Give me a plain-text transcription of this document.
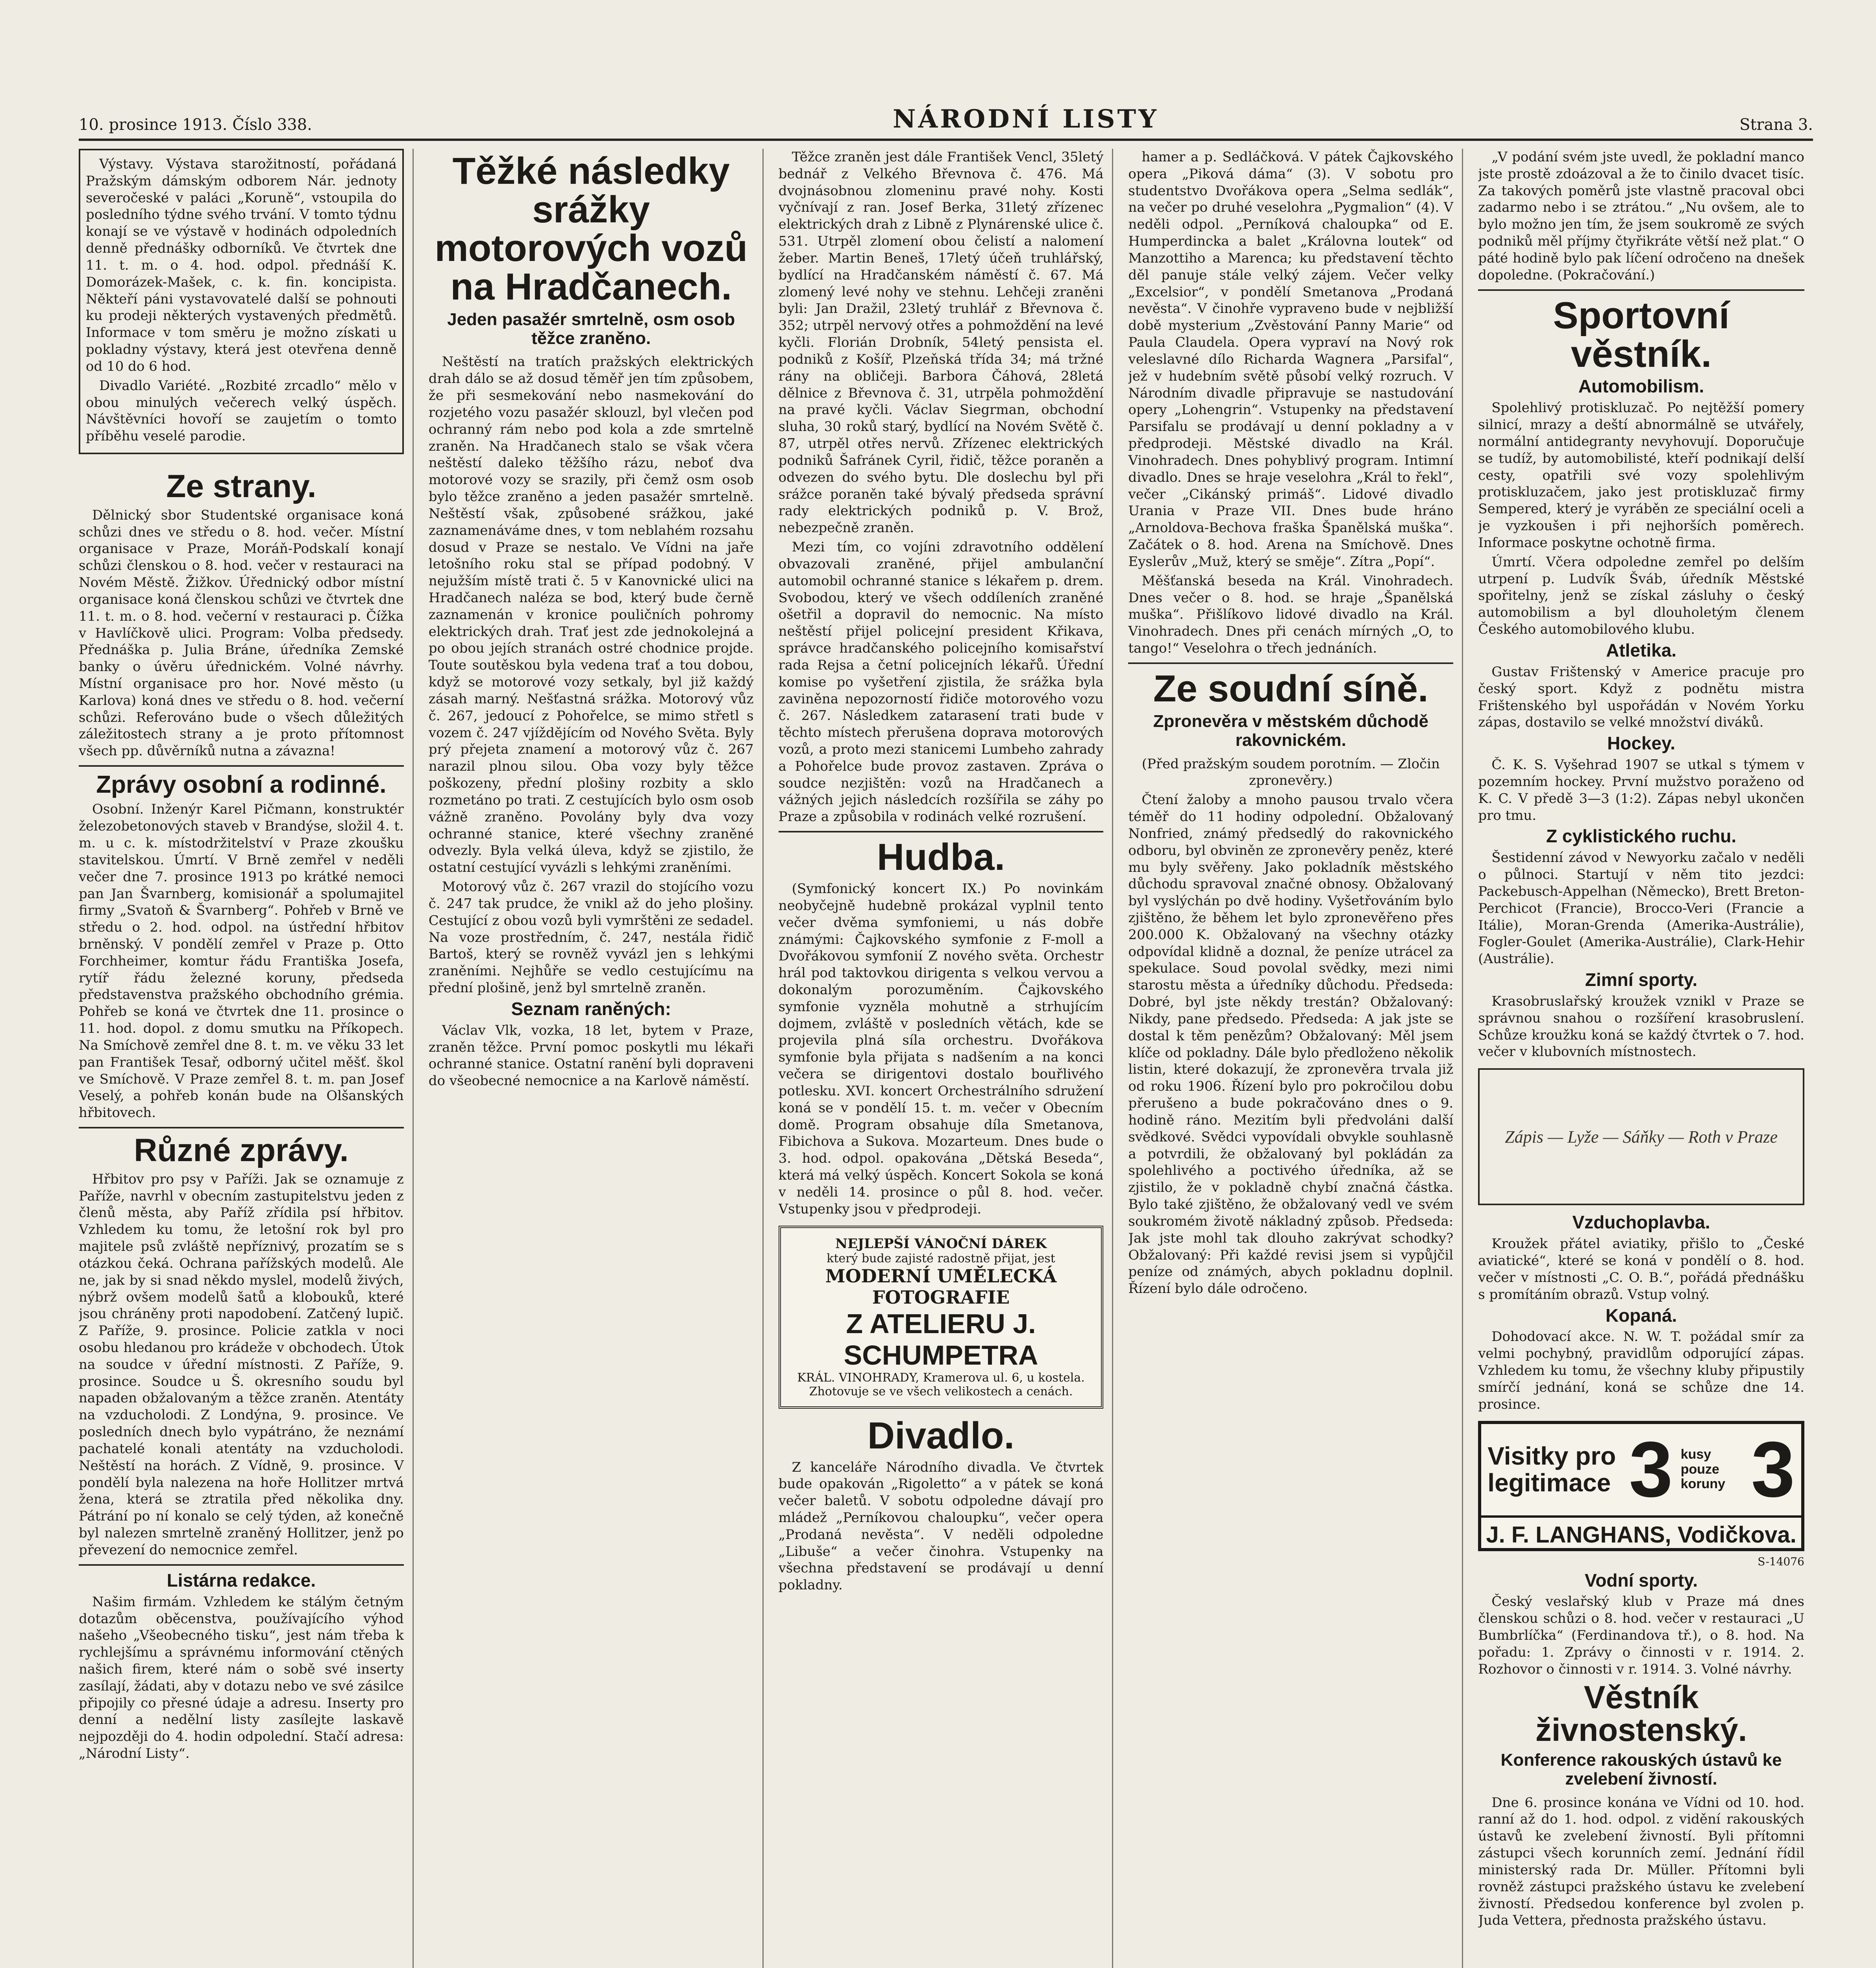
10. prosince 1913. Číslo 338.	NÁRODNÍ LISTY	Strana 3.

Výstavy. Výstava starožitností, pořádaná Pražským dámským odborem Nár. jednoty severočeské v paláci „Koruně“, vstoupila do posledního týdne svého trvání. V tomto týdnu konají se ve výstavě v hodinách odpoledních denně přednášky odborníků. Ve čtvrtek dne 11. t. m. o 4. hod. odpol. přednáší K. Domorázek-Mašek, c. k. fin. koncipista. Někteří páni vystavovatelé další se pohnouti ku prodeji některých vystavených předmětů. Informace v tom směru je možno získati u pokladny výstavy, která jest otevřena denně od 10 do 6 hod.

Divadlo Variété. „Rozbité zrcadlo“ mělo v obou minulých večerech velký úspěch. Návštěvníci hovoří se zaujetím o tomto příběhu veselé parodie.

Ze strany.

Dělnický sbor Studentské organisace koná schůzi dnes ve středu o 8. hod. večer. Místní organisace v Praze, Moráň-Podskalí konají schůzi členskou o 8. hod. večer v restauraci na Novém Městě. Žižkov. Úřednický odbor místní organisace koná členskou schůzi ve čtvrtek dne 11. t. m. o 8. hod. večerní v restauraci p. Čížka v Havlíčkově ulici. Program: Volba předsedy. Přednáška p. Julia Bráne, úředníka Zemské banky o úvěru úřednickém. Volné návrhy. Místní organisace pro hor. Nové město (u Karlova) koná dnes ve středu o 8. hod. večerní schůzi. Referováno bude o všech důležitých záležitostech strany a je proto přítomnost všech pp. důvěrníků nutna a závazna!

Zprávy osobní a rodinné.

Osobní. Inženýr Karel Pičmann, konstruktér železobetonových staveb v Brandýse, složil 4. t. m. u c. k. místodržitelství v Praze zkoušku stavitelskou. Úmrtí. V Brně zemřel v neděli večer dne 7. prosince 1913 po krátké nemoci pan Jan Švarnberg, komisionář a spolumajitel firmy „Svatoň & Švarnberg“. Pohřeb v Brně ve středu o 2. hod. odpol. na ústřední hřbitov brněnský. V pondělí zemřel v Praze p. Otto Forchheimer, komtur řádu Františka Josefa, rytíř řádu železné koruny, předseda představenstva pražského obchodního grémia. Pohřeb se koná ve čtvrtek dne 11. prosince o 11. hod. dopol. z domu smutku na Příkopech. Na Smíchově zemřel dne 8. t. m. ve věku 33 let pan František Tesař, odborný učitel měšť. škol ve Smíchově. V Praze zemřel 8. t. m. pan Josef Veselý, a pohřeb konán bude na Olšanských hřbitovech.

Různé zprávy.

Hřbitov pro psy v Paříži. Jak se oznamuje z Paříže, navrhl v obecním zastupitelstvu jeden z členů města, aby Paříž zřídila psí hřbitov. Vzhledem ku tomu, že letošní rok byl pro majitele psů zvláště nepříznivý, prozatím se s otázkou čeká. Ochrana pařížských modelů. Ale ne, jak by si snad někdo myslel, modelů živých, nýbrž ovšem modelů šatů a klobouků, které jsou chráněny proti napodobení. Zatčený lupič. Z Paříže, 9. prosince. Policie zatkla v noci osobu hledanou pro krádeže v obchodech. Útok na soudce v úřední místnosti. Z Paříže, 9. prosince. Soudce u Š. okresního soudu byl napaden obžalovaným a těžce zraněn. Atentáty na vzducholodi. Z Londýna, 9. prosince. Ve posledních dnech bylo vypátráno, že neznámí pachatelé konali atentáty na vzducholodi. Neštěstí na horách. Z Vídně, 9. prosince. V pondělí byla nalezena na hoře Hollitzer mrtvá žena, která se ztratila před několika dny. Pátrání po ní konalo se celý týden, až konečně byl nalezen smrtelně zraněný Hollitzer, jenž po převezení do nemocnice zemřel.

Listárna redakce.

Našim firmám. Vzhledem ke stálým četným dotazům oběcenstva, používajícího výhod našeho „Všeobecného tisku“, jest nám třeba k rychlejšímu a správnému informování ctěných našich firem, které nám o sobě své inserty zasílají, žádati, aby v dotazu nebo ve své zásilce připojily co přesné údaje a adresu. Inserty pro denní a nedělní listy zasílejte laskavě nejpozději do 4. hodin odpolední. Stačí adresa: „Národní Listy“.

Těžké následky srážky motorových vozů na Hradčanech.
Jeden pasažér smrtelně, osm osob těžce zraněno.

Neštěstí na tratích pražských elektrických drah dálo se až dosud těměř jen tím způsobem, že při sesmekování nebo nasmekování do rozjetého vozu pasažér sklouzl, byl vlečen pod ochranný rám nebo pod kola a zde smrtelně zraněn. Na Hradčanech stalo se však včera neštěstí daleko těžšího rázu, neboť dva motorové vozy se srazily, při čemž osm osob bylo těžce zraněno a jeden pasažér smrtelně. Neštěstí však, způsobené srážkou, jaké zaznamenáváme dnes, v tom neblahém rozsahu dosud v Praze se nestalo. Ve Vídni na jaře letošního roku stal se případ podobný. V nejužším místě trati č. 5 v Kanovnické ulici na Hradčanech naléza se bod, který bude černě zaznamenán v kronice pouličních pohromy elektrických drah. Trať jest zde jednokolejná a po obou jejích stranách ostré chodnice projde. Toute soutěskou byla vedena trať a tou dobou, když se motorové vozy setkaly, byl již každý zásah marný. Nešťastná srážka. Motorový vůz č. 267, jedoucí z Pohořelce, se mimo střetl s vozem č. 247 vjíždějícím od Nového Světa. Byly prý přejeta znamení a motorový vůz č. 267 narazil plnou silou. Oba vozy byly těžce poškozeny, přední plošiny rozbity a sklo rozmetáno po trati. Z cestujících bylo osm osob vážně zraněno. Povolány byly dva vozy ochranné stanice, které všechny zraněné odvezly. Byla velká úleva, když se zjistilo, že ostatní cestující vyvázli s lehkými zraněními.

Motorový vůz č. 267 vrazil do stojícího vozu č. 247 tak prudce, že vnikl až do jeho plošiny. Cestující z obou vozů byli vymrštěni ze sedadel. Na voze prostředním, č. 247, nestála řidič Bartoš, který se rovněž vyvázl jen s lehkými zraněními. Nejhůře se vedlo cestujícímu na přední plošině, jenž byl smrtelně zraněn.

Seznam raněných:

Václav Vlk, vozka, 18 let, bytem v Praze, zraněn těžce. První pomoc poskytli mu lékaři ochranné stanice. Ostatní ranění byli dopraveni do všeobecné nemocnice a na Karlově náměstí.

Těžce zraněn jest dále František Vencl, 35letý bednář z Velkého Břevnova č. 476. Má dvojnásobnou zlomeninu pravé nohy. Kosti vyčnívají z ran. Josef Berka, 31letý zřízenec elektrických drah z Libně z Plynárenské ulice č. 531. Utrpěl zlomení obou čelistí a nalomení žeber. Martin Beneš, 17letý účeň truhlářský, bydlící na Hradčanském náměstí č. 67. Má zlomený levé nohy ve stehnu. Lehčeji zraněni byli: Jan Dražil, 23letý truhlář z Břevnova č. 352; utrpěl nervový otřes a pohmoždění na levé kyčli. Florián Drobník, 54letý pensista el. podniků z Košíř, Plzeňská třída 34; má tržné rány na obličeji. Barbora Čáhová, 28letá dělnice z Břevnova č. 31, utrpěla pohmoždění na pravé kyčli. Václav Siegrman, obchodní sluha, 30 roků starý, bydlící na Novém Světě č. 87, utrpěl otřes nervů. Zřízenec elektrických podniků Šafránek Cyril, řidič, těžce poraněn a odvezen do svého bytu. Dle doslechu byl při srážce poraněn také bývalý předseda správní rady elektrických podniků p. V. Brož, nebezpečně zraněn.

Mezi tím, co vojíni zdravotního oddělení obvazovali zraněné, přijel ambulanční automobil ochranné stanice s lékařem p. drem. Svobodou, který ve všech oddíleních zraněné ošetřil a dopravil do nemocnic. Na místo neštěstí přijel policejní president Křikava, správce hradčanského policejního komisařství rada Rejsa a četní policejních lékařů. Úřední komise po vyšetření zjistila, že srážka byla zaviněna nepozorností řidiče motorového vozu č. 267. Následkem zatarasení trati bude v těchto místech přerušena doprava motorových vozů, a proto mezi stanicemi Lumbeho zahrady a Pohořelce bude provoz zastaven. Zpráva o soudce nezjištěn: vozů na Hradčanech a vážných jejich následcích rozšířila se záhy po Praze a způsobila v rodinách velké rozrušení.

Hudba.

(Symfonický koncert IX.) Po novinkám neobyčejně hudebně prokázal vyplnil tento večer dvěma symfoniemi, u nás dobře známými: Čajkovského symfonie z F-moll a Dvořákovou symfonií Z nového světa. Orchestr hrál pod taktovkou dirigenta s velkou vervou a dokonalým porozuměním. Čajkovského symfonie vyzněla mohutně a strhujícím dojmem, zvláště v posledních větách, kde se projevila plná síla orchestru. Dvořákova symfonie byla přijata s nadšením a na konci večera se dirigentovi dostalo bouřlivého potlesku. XVI. koncert Orchestrálního sdružení koná se v pondělí 15. t. m. večer v Obecním domě. Program obsahuje díla Smetanova, Fibichova a Sukova. Mozarteum. Dnes bude o 3. hod. odpol. opakována „Dětská Beseda“, která má velký úspěch. Koncert Sokola se koná v neděli 14. prosince o půl 8. hod. večer. Vstupenky jsou v předprodeji.

NEJLEPŠÍ VÁNOČNÍ DÁREK
který bude zajisté radostně přijat, jest
MODERNÍ UMĚLECKÁ FOTOGRAFIE
Z ATELIERU J. SCHUMPETRA
KRÁL. VINOHRADY, Kramerova ul. 6, u kostela. Zhotovuje se ve všech velikostech a cenách.
Divadlo.

Z kanceláře Národního divadla. Ve čtvrtek bude opakován „Rigoletto“ a v pátek se koná večer baletů. V sobotu odpoledne dávají pro mládež „Perníkovou chaloupku“, večer opera „Prodaná nevěsta“. V neděli odpoledne „Libuše“ a večer činohra. Vstupenky na všechna představení se prodávají u denní pokladny.

hamer a p. Sedláčková. V pátek Čajkovského opera „Piková dáma“ (3). V sobotu pro studentstvo Dvořákova opera „Selma sedlák“, na večer po druhé veselohra „Pygmalion“ (4). V neděli odpol. „Perníková chaloupka“ od E. Humperdincka a balet „Královna loutek“ od Manzottiho a Marenca; ku představení těchto děl panuje stále velký zájem. Večer velky „Excelsior“, v pondělí Smetanova „Prodaná nevěsta“. V činohře vypraveno bude v nejbližší době mysterium „Zvěstování Panny Marie“ od Paula Claudela. Opera vypraví na Nový rok veleslavné dílo Richarda Wagnera „Parsifal“, jež v hudebním světě působí velký rozruch. V Národním divadle připravuje se nastudování opery „Lohengrin“. Vstupenky na představení Parsifalu se prodávají u denní pokladny a v předprodeji. Městské divadlo na Král. Vinohradech. Dnes pohyblivý program. Intimní divadlo. Dnes se hraje veselohra „Král to řekl“, večer „Cikánský primáš“. Lidové divadlo Urania v Praze VII. Dnes bude hráno „Arnoldova-Bechova fraška Španělská muška“. Začátek o 8. hod. Arena na Smíchově. Dnes Eyslerův „Muž, který se směje“. Zítra „Popí“.

Měšťanská beseda na Král. Vinohradech. Dnes večer o 8. hod. se hraje „Španělská muška“. Přišlíkovo lidové divadlo na Král. Vinohradech. Dnes při cenách mírných „O, to tango!“ Veselohra o třech jednáních.

Ze soudní síně.
Zpronevěra v městském důchodě rakovnickém.

(Před pražským soudem porotním. — Zločin zpronevěry.)

Čtení žaloby a mnoho pausou trvalo včera téměř do 11 hodiny odpolední. Obžalovaný Nonfried, známý předsedlý do rakovnického odboru, byl obviněn ze zpronevěry peněz, které mu byly svěřeny. Jako pokladník městského důchodu spravoval značné obnosy. Obžalovaný byl vyslýchán po dvě hodiny. Vyšetřováním bylo zjištěno, že během let bylo zpronevěřeno přes 200.000 K. Obžalovaný na všechny otázky odpovídal klidně a doznal, že peníze utrácel za spekulace. Soud povolal svědky, mezi nimi starostu města a úředníky důchodu. Předseda: Dobré, byl jste někdy trestán? Obžalovaný: Nikdy, pane předsedo. Předseda: A jak jste se dostal k těm penězům? Obžalovaný: Měl jsem klíče od pokladny. Dále bylo předloženo několik listin, které dokazují, že zpronevěra trvala již od roku 1906. Řízení bylo pro pokročilou dobu přerušeno a bude pokračováno dnes o 9. hodině ráno. Mezitím byli předvoláni další svědkové. Svědci vypovídali obvykle souhlasně a potvrdili, že obžalovaný byl pokládán za spolehlivého a poctivého úředníka, až se zjistilo, že v pokladně chybí značná částka. Bylo také zjištěno, že obžalovaný vedl ve svém soukromém životě nákladný způsob. Předseda: Jak jste mohl tak dlouho zakrývat schodky? Obžalovaný: Při každé revisi jsem si vypůjčil peníze od známých, abych pokladnu doplnil. Řízení bylo dále odročeno.

„V podání svém jste uvedl, že pokladní manco jste prostě zdoázoval a že to činilo dvacet tisíc. Za takových poměrů jste vlastně pracoval obci zadarmo nebo i se ztrátou.“ „Nu ovšem, ale to bylo možno jen tím, že jsem soukromě ze svých podniků měl příjmy čtyřikráte větší než plat.“ O páté hodině bylo pak líčení odročeno na dnešek dopoledne. (Pokračování.)

Sportovní věstník.
Automobilism.

Spolehlivý protiskluzač. Po nejtěžší pomery silnicí, mrazy a deští abnormálně se utvářely, normální antidegranty nevyhovují. Doporučuje se tudíž, by automobilisté, kteří podnikají delší cesty, opatřili své vozy spolehlivým protiskluzačem, jako jest protiskluzač firmy Sempered, který je vyráběn ze speciální oceli a je vyzkoušen i při nejhorších poměrech. Informace poskytne ochotně firma.

Úmrtí. Včera odpoledne zemřel po delším utrpení p. Ludvík Šváb, úředník Městské spořitelny, jenž se získal zásluhy o český automobilism a byl dlouholetým členem Českého automobilového klubu.

Atletika.

Gustav Frištenský v Americe pracuje pro český sport. Když z podnětu mistra Frištenského byl uspořádán v Novém Yorku zápas, dostavilo se velké množství diváků.

Hockey.

Č. K. S. Vyšehrad 1907 se utkal s týmem v pozemním hockey. První mužstvo poraženo od K. C. V předě 3—3 (1:2). Zápas nebyl ukončen pro tmu.

Z cyklistického ruchu.

Šestidenní závod v Newyorku začalo v neděli o půlnoci. Startují v něm tito jezdci: Packebusch-Appelhan (Německo), Brett Breton-Perchicot (Francie), Brocco-Veri (Francie a Itálie), Moran-Grenda (Amerika-Austrálie), Fogler-Goulet (Amerika-Austrálie), Clark-Hehir (Austrálie).

Zimní sporty.

Krasobruslařský kroužek vznikl v Praze se správnou snahou o rozšíření krasobruslení. Schůze kroužku koná se každý čtvrtek o 7. hod. večer v klubovních místnostech.

Zápis — Lyže — Sáňky — Roth v Praze
Vzduchoplavba.

Kroužek přátel aviatiky, přišlo to „České aviatické“, které se koná v pondělí o 8. hod. večer v místnosti „C. O. B.“, pořádá přednášku s promítáním obrazů. Vstup volný.

Kopaná.

Dohodovací akce. N. W. T. požádal smír za velmi pochybný, pravidlům odporující zápas. Vzhledem ku tomu, že všechny kluby připustily smírčí jednání, koná se schůze dne 14. prosince.

Visitky pro legitimace 3 kusy pouze koruny 3
J. F. LANGHANS, Vodičkova.
S-14076
Vodní sporty.

Český veslařský klub v Praze má dnes členskou schůzi o 8. hod. večer v restauraci „U Bumbrlíčka“ (Ferdinandova tř.), o 8. hod. Na pořadu: 1. Zprávy o činnosti v r. 1914. 2. Rozhovor o činnosti v r. 1914. 3. Volné návrhy.

Věstník živnostenský.
Konference rakouských ústavů ke zvelebení živností.

Dne 6. prosince konána ve Vídni od 10. hod. ranní až do 1. hod. odpol. z vidění rakouských ústavů ke zvelebení živností. Byli přítomni zástupci všech korunních zemí. Jednání řídil ministerský rada Dr. Müller. Přítomni byli rovněž zástupci pražského ústavu ke zvelebení živností. Předsedou konference byl zvolen p. Juda Vettera, přednosta pražského ústavu.
